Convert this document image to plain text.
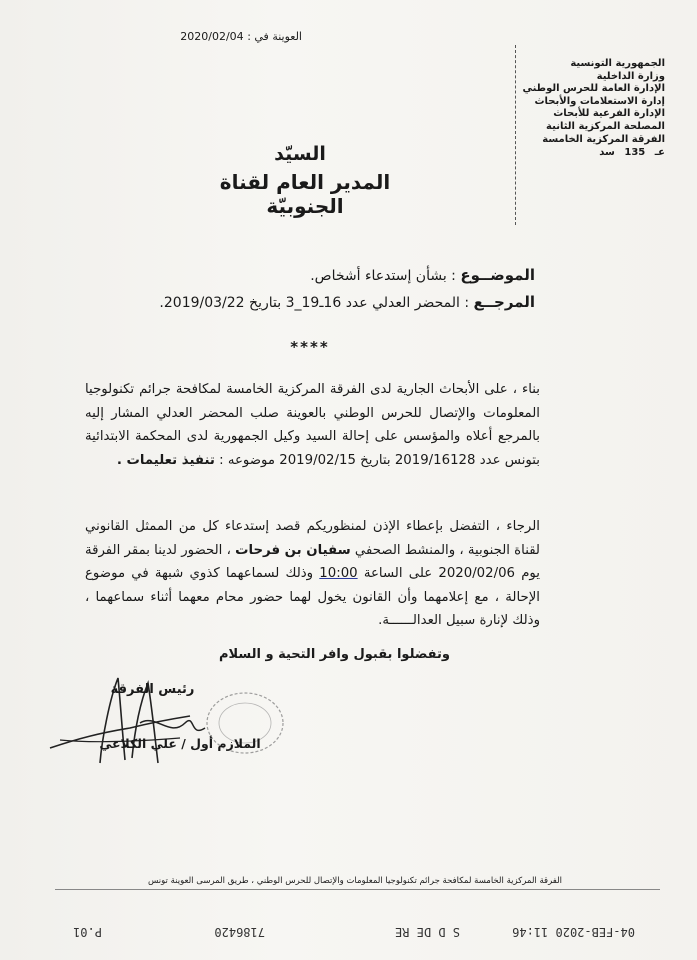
العوينة في : 2020/02/04
الجمهورية التونسية
وزارة الداخلية
الإدارة العامة للحرس الوطني
إدارة الاستعلامات والأبحاث
الإدارة الفرعية للأبحاث
المصلحة المركزية الثانية
الفرقة المركزية الخامسة
عـ 135 سد
السيّد
المدير العام لقناة الجنوبيّة
الموضــوع : بشأن إستدعاء أشخاص.
المرجــع : المحضر العدلي عدد 16ـ19_3 بتاريخ 2019/03/22.
****
بناء ، على الأبحاث الجارية لدى الفرقة المركزية الخامسة لمكافحة جرائم تكنولوجيا المعلومات والإتصال للحرس الوطني بالعوينة صلب المحضر العدلي المشار إليه بالمرجع أعلاه والمؤسس على إحالة السيد وكيل الجمهورية لدى المحكمة الابتدائية بتونس عدد 2019/16128 بتاريخ 2019/02/15 موضوعه : تنفيذ تعليمات .
الرجاء ، التفضل بإعطاء الإذن لمنظوريكم قصد إستدعاء كل من الممثل القانوني لقناة الجنوبية ، والمنشط الصحفي سفيان بن فرحات ، الحضور لدينا بمقر الفرقة يوم 2020/02/06 على الساعة 10:00 وذلك لسماعهما كذوي شبهة في موضوع الإحالة ، مع إعلامهما وأن القانون يخول لهما حضور محام معهما أثناء سماعهما ، وذلك لإنارة سبيل العدالــــــة.
وتفضلوا بقبول وافر التحية و السلام
رئيس الفرقة
الملازم أول / علي الكلاعي
الفرقة المركزية الخامسة لمكافحة جرائم تكنولوجيا المعلومات والإتصال للحرس الوطني ، طريق المرسى العوينة تونس
04-FEB-2020 11:46
S D DE RE
7186420
P.01
